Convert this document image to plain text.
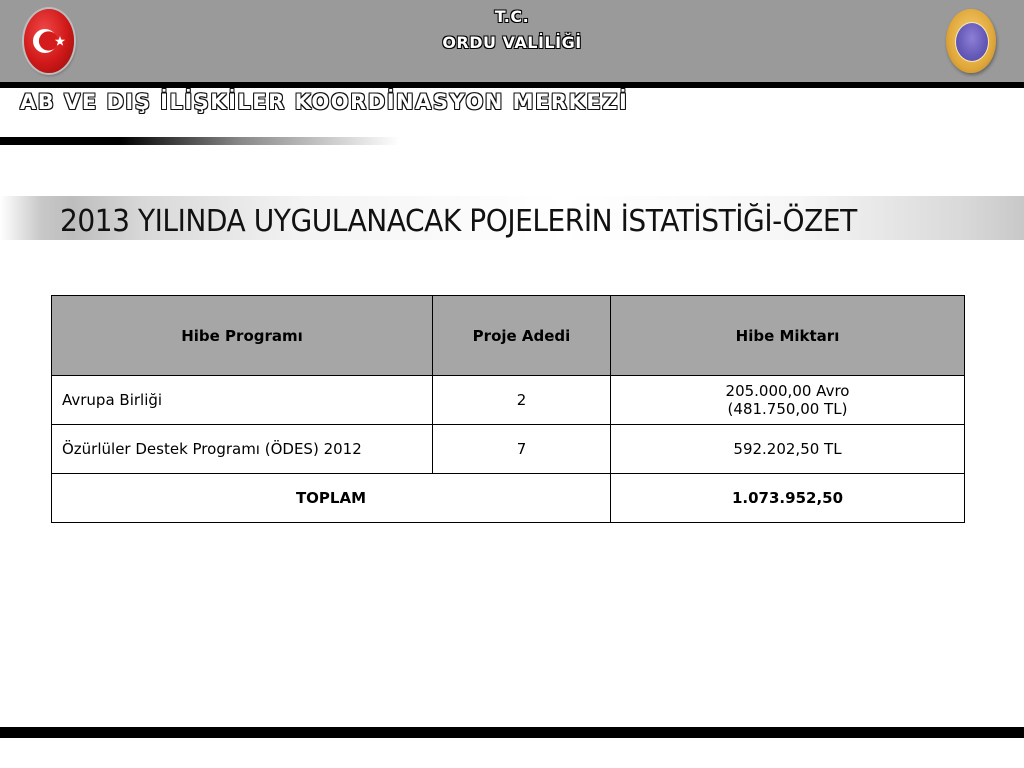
T.C.
ORDU VALİLİĞİ
AB VE DIŞ İLİŞKİLER KOORDİNASYON MERKEZİ
2013 YILINDA UYGULANACAK POJELERİN İSTATİSTİĞİ-ÖZET
Hibe Programı	Proje Adedi	Hibe Miktarı
Avrupa Birliği	2	205.000,00 Avro
(481.750,00 TL)

Özürlüler Destek Programı (ÖDES) 2012	7	592.202,50 TL
TOPLAM		1.073.952,50
